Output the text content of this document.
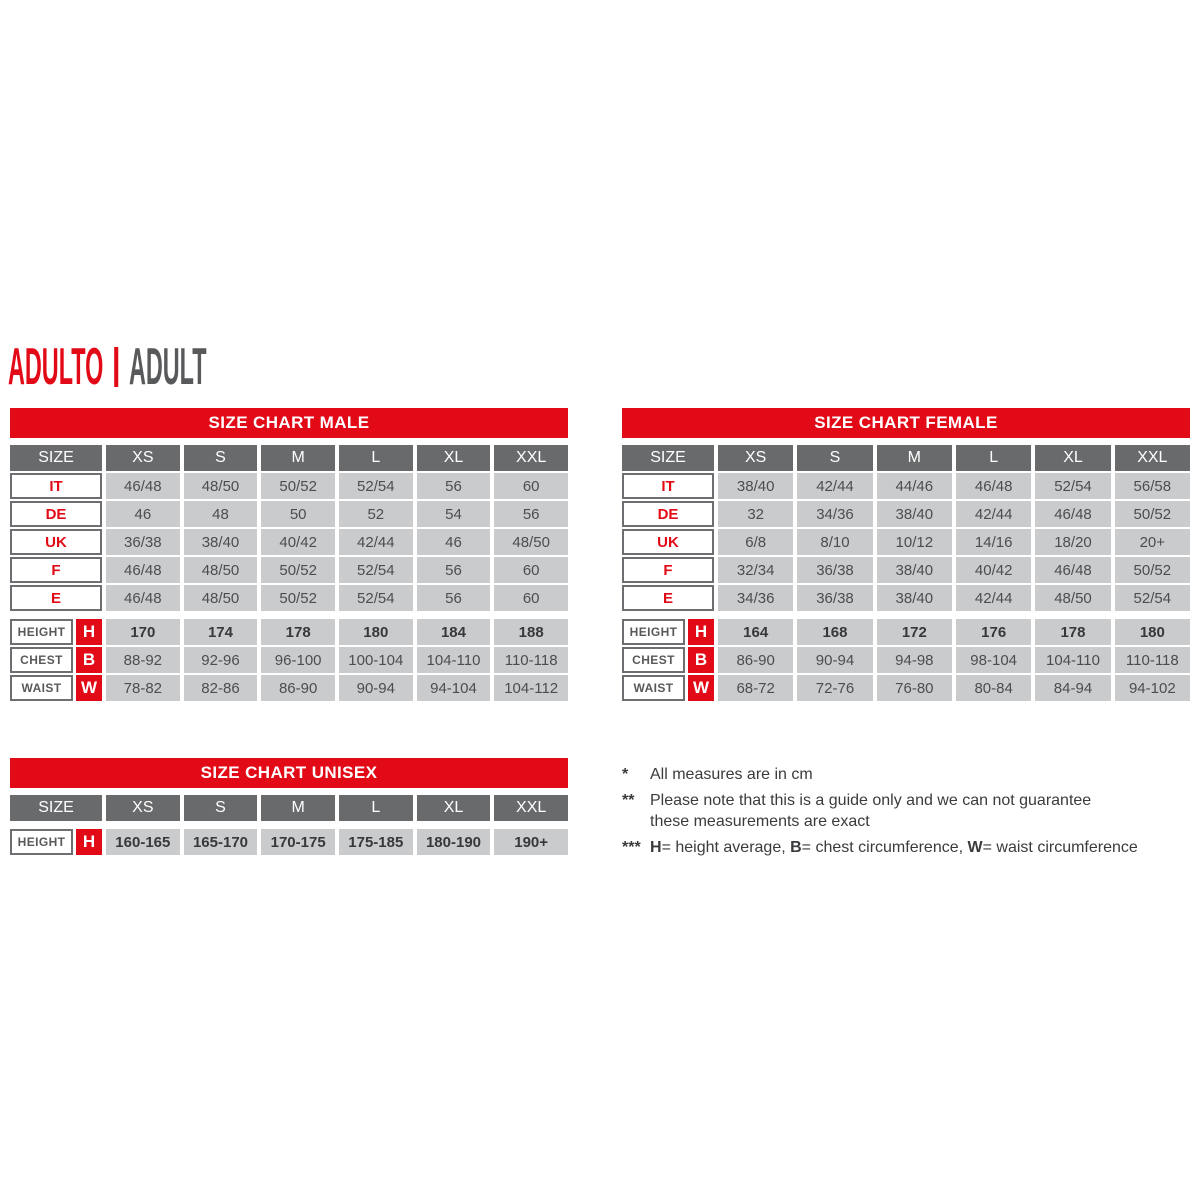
ADULTO ADULT
SIZE CHART MALE
SIZE	XS	S	M	L	XL	XXL
IT	46/48	48/50	50/52	52/54	56	60
DE	46	48	50	52	54	56
UK	36/38	38/40	40/42	42/44	46	48/50
F	46/48	48/50	50/52	52/54	56	60
E	46/48	48/50	50/52	52/54	56	60
HEIGHT	H	170	174	178	180	184	188
CHEST	B	88-92	92-96	96-100	100-104	104-110	110-118
WAIST	W	78-82	82-86	86-90	90-94	94-104	104-112
SIZE CHART FEMALE
SIZE	XS	S	M	L	XL	XXL
IT	38/40	42/44	44/46	46/48	52/54	56/58
DE	32	34/36	38/40	42/44	46/48	50/52
UK	6/8	8/10	10/12	14/16	18/20	20+
F	32/34	36/38	38/40	40/42	46/48	50/52
E	34/36	36/38	38/40	42/44	48/50	52/54
HEIGHT	H	164	168	172	176	178	180
CHEST	B	86-90	90-94	94-98	98-104	104-110	110-118
WAIST	W	68-72	72-76	76-80	80-84	84-94	94-102
SIZE CHART UNISEX
SIZE	XS	S	M	L	XL	XXL
HEIGHT	H	160-165	165-170	170-175	175-185	180-190	190+
*	All measures are in cm
** Please note that this is a guide only and we can not guarantee
these measurements are exact
*** H= height average, B= chest circumference, W= waist circumference
